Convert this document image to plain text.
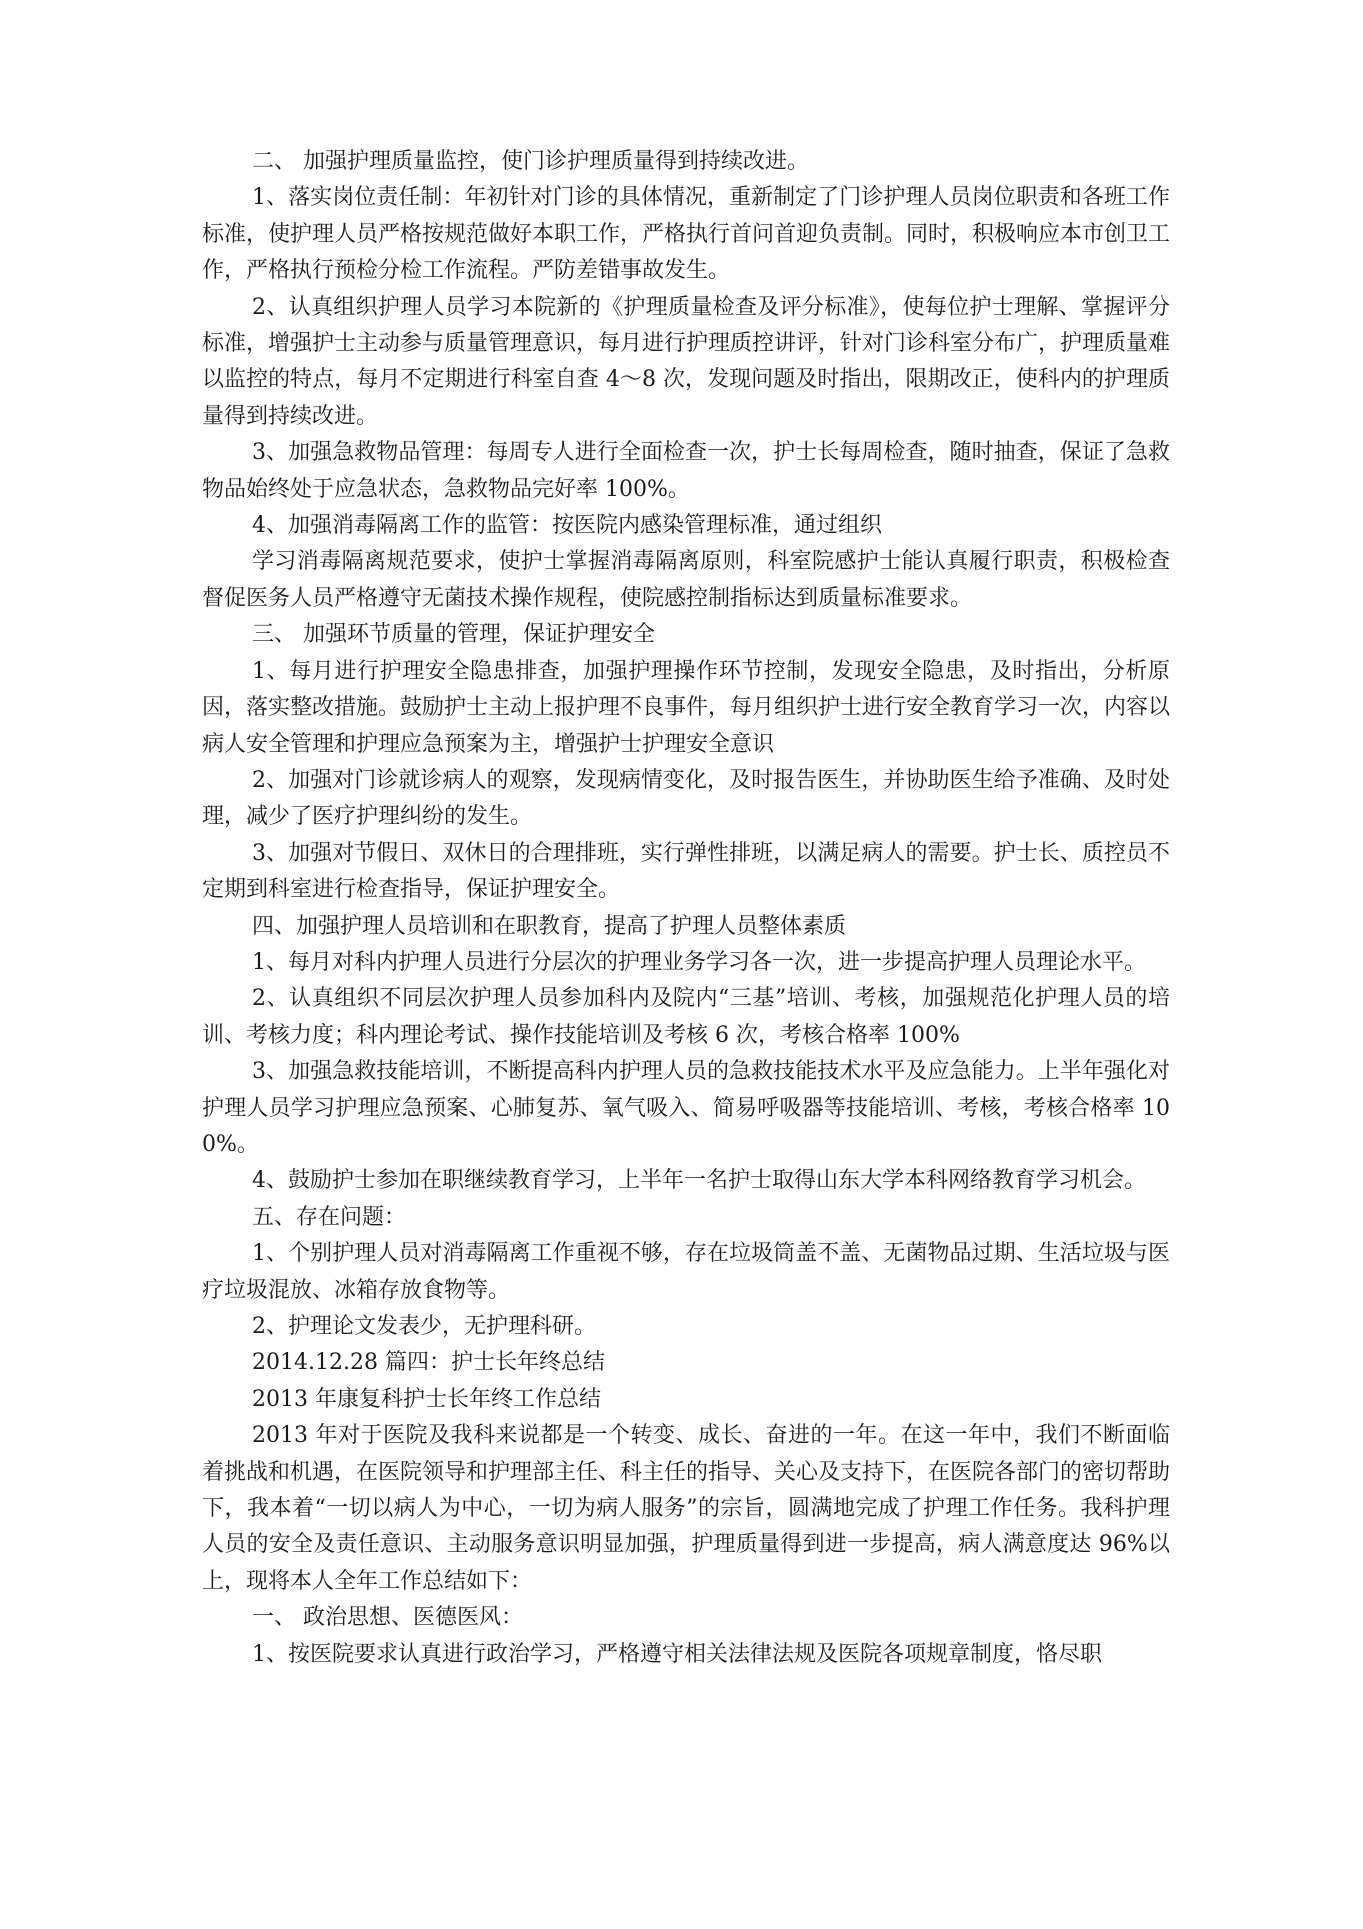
二、 加强护理质量监控，使门诊护理质量得到持续改进。

1、落实岗位责任制：年初针对门诊的具体情况，重新制定了门诊护理人员岗位职责和各班工作标准，使护理人员严格按规范做好本职工作，严格执行首问首迎负责制。同时，积极响应本市创卫工作，严格执行预检分检工作流程。严防差错事故发生。

2、认真组织护理人员学习本院新的《护理质量检查及评分标准》，使每位护士理解、掌握评分标准，增强护士主动参与质量管理意识，每月进行护理质控讲评，针对门诊科室分布广，护理质量难以监控的特点，每月不定期进行科室自查 4～8 次，发现问题及时指出，限期改正，使科内的护理质量得到持续改进。

3、加强急救物品管理：每周专人进行全面检查一次，护士长每周检查，随时抽查，保证了急救物品始终处于应急状态，急救物品完好率 100%。

4、加强消毒隔离工作的监管：按医院内感染管理标准，通过组织

学习消毒隔离规范要求，使护士掌握消毒隔离原则，科室院感护士能认真履行职责，积极检查督促医务人员严格遵守无菌技术操作规程，使院感控制指标达到质量标准要求。

三、 加强环节质量的管理，保证护理安全

1、每月进行护理安全隐患排查，加强护理操作环节控制，发现安全隐患，及时指出，分析原因，落实整改措施。鼓励护士主动上报护理不良事件，每月组织护士进行安全教育学习一次，内容以病人安全管理和护理应急预案为主，增强护士护理安全意识

2、加强对门诊就诊病人的观察，发现病情变化，及时报告医生，并协助医生给予准确、及时处理，减少了医疗护理纠纷的发生。

3、加强对节假日、双休日的合理排班，实行弹性排班，以满足病人的需要。护士长、质控员不定期到科室进行检查指导，保证护理安全。

四、加强护理人员培训和在职教育，提高了护理人员整体素质

1、每月对科内护理人员进行分层次的护理业务学习各一次，进一步提高护理人员理论水平。

2、认真组织不同层次护理人员参加科内及院内“三基”培训、考核，加强规范化护理人员的培训、考核力度；科内理论考试、操作技能培训及考核 6 次，考核合格率 100%

3、加强急救技能培训，不断提高科内护理人员的急救技能技术水平及应急能力。上半年强化对护理人员学习护理应急预案、心肺复苏、氧气吸入、简易呼吸器等技能培训、考核，考核合格率 100%。

4、鼓励护士参加在职继续教育学习，上半年一名护士取得山东大学本科网络教育学习机会。

五、存在问题：

1、个别护理人员对消毒隔离工作重视不够，存在垃圾筒盖不盖、无菌物品过期、生活垃圾与医疗垃圾混放、冰箱存放食物等。

2、护理论文发表少，无护理科研。

2014.12.28 篇四：护士长年终总结

2013 年康复科护士长年终工作总结

2013 年对于医院及我科来说都是一个转变、成长、奋进的一年。在这一年中，我们不断面临着挑战和机遇，在医院领导和护理部主任、科主任的指导、关心及支持下，在医院各部门的密切帮助下，我本着“一切以病人为中心，一切为病人服务”的宗旨，圆满地完成了护理工作任务。我科护理人员的安全及责任意识、主动服务意识明显加强，护理质量得到进一步提高，病人满意度达 96%以上，现将本人全年工作总结如下：

一、 政治思想、医德医风：

1、按医院要求认真进行政治学习，严格遵守相关法律法规及医院各项规章制度，恪尽职
